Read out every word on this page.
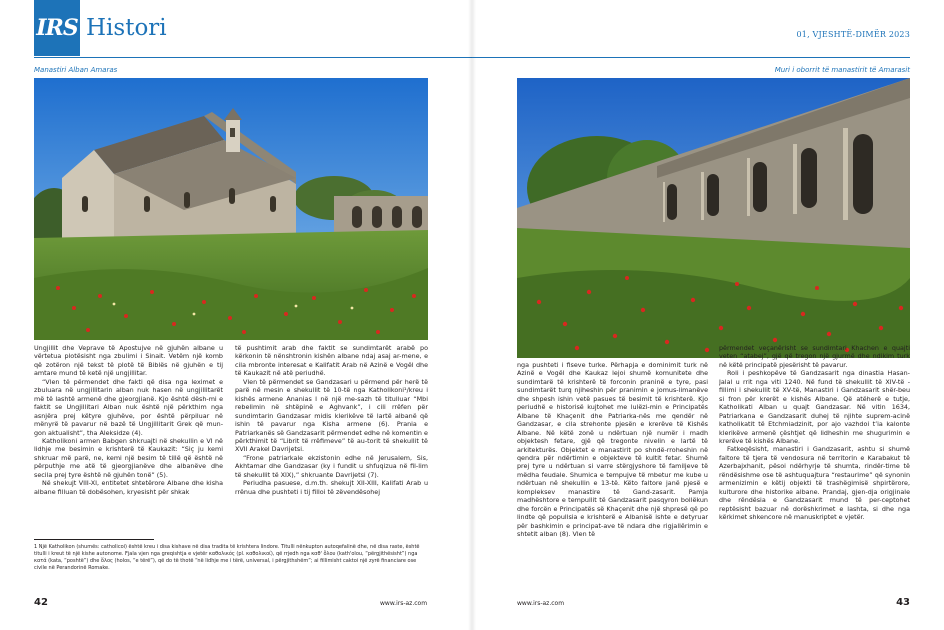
IRS Histori
Manastiri Alban Amaras

Ungjillit dhe Veprave të Apostujve në gjuhën albane u vërtetua plotësisht nga zbulimi i Sinait. Vetëm një komb që zotëron një tekst të plotë të Biblës në gjuhën e tij amtare mund të ketë një ungjillitar.

“Vlen të përmendet dhe fakti që disa nga leximet e zbuluara në ungjillitarin alban nuk hasen në ungjillitarët më të lashtë armenë dhe gjeorgjianë. Kjo është dësh-mi e faktit se Ungjillitari Alban nuk është një përkthim nga asnjëra prej këtyre gjuhëve, por është përpiluar në mënyrë të pavarur në bazë të Ungjillitarit Grek që mun-gon aktualisht”, tha Aleksidze (4).

Katholikoni armen Babgen shkruajti në shekullin e VI në lidhje me besimin e krishterë të Kaukazit: “Siç ju kemi shkruar më parë, ne, kemi një besim të tillë që është në përputhje me atë të gjeorgjianëve dhe albanëve dhe secila prej tyre është në gjuhën tonë” (5).

Në shekujt VIII-XI, entitetet shtetërore Albane dhe kisha albane filluan të dobësohen, kryesisht për shkak

të pushtimit arab dhe faktit se sundimtarët arabë po kërkonin të nënshtronin kishën albane ndaj asaj ar-mene, e cila mbronte interesat e Kalifatit Arab në Azinë e Vogël dhe të Kaukazit në atë periudhë.

Vlen të përmendet se Gandzasari u përmend për herë të parë në mesin e shekullit të 10-të nga Katholikoni¹/kreu i kishës armene Ananias I në një me-sazh të titulluar “Mbi rebelimin në shtëpinë e Aghvank”, i cili rrëfen për sundimtarin Gandzasar midis klerikëve të lartë albanë që ishin të pavarur nga Kisha armene (6). Prania e Patriarkanës së Gandzasarit përmendet edhe në komentin e përkthimit të “Librit të rrëfimeve” të au-torit të shekullit të XVII Arakel Davrijetsi.

“Frone patriarkale ekzistonin edhe në Jerusalem, Sis, Akhtamar dhe Gandzasar (ky i fundit u shfuqizua në fil-lim të shekullit të XIX),” shkruante Davrijetsi (7).

Periudha pasuese, d.m.th. shekujt XII-XIII, Kalifati Arab u rrënua dhe pushteti i tij filloi të zëvendësohej

1 Një Katholikon (shumës: catholicoi) është kreu i disa kishave në disa tradita të krishtera lindore. Titulli nënkupton autoqefalinë dhe, në disa raste, është titulli i kreut të një kishe autonome. Fjala vjen nga greqishtja e vjetër καθολικός (pl. καθολικοί), që rrjedh nga καθ' ὅλου (kath'olou, “përgjithësisht”) nga κατά (kata, “poshtë”) dhe ὅλος (holos, “e tërë”), që do të thotë “në lidhje me i tërë, universal, i përgjithshëm”; ai fillimisht caktoi një zyrë financiare ose civile në Perandorinë Romake.
42	www.irs-az.com
01, VJESHTË-DIMËR 2023
Muri i oborrit të manastirit të Amarasit

nga pushteti i fiseve turke. Përhapja e dominimit turk në Azinë e Vogël dhe Kaukaz lejoi shumë komunitete dhe sundimtarë të krishterë të forconin praninë e tyre, pasi sundimtarët turq njiheshin për pranimin e jomus-limanëve dhe shpesh ishin vetë pasues të besimit të krishterë. Kjo periudhë e historisë kujtohet me lulëzi-min e Principatës Albane të Khaçenit dhe Patriarka-nës me qendër në Gandzasar, e cila strehonte pjesën e krerëve të Kishës Albane. Në këtë zonë u ndërtuan një numër i madh objektesh fetare, gjë që tregonte nivelin e lartë të arkitekturës. Objektet e manastirit po shndë-rroheshin në qendra për ndërtimin e objekteve të kultit fetar. Shumë prej tyre u ndërtuan si varre stërgjyshore të familjeve të mëdha feudale. Shumica e tempujve të mbetur me kube u ndërtuan në shekullin e 13-të. Këto faltore janë pjesë e kompleksev manastire të Gand-zasarit. Pamja madhështore e tempullit të Gandzasarit pasqyron bollëkun dhe forcën e Principatës së Khaçenit dhe një shpresë që po lindte që popullsia e krishterë e Albanisë ishte e detyruar për bashkimin e principat-ave të ndara dhe rigjallërimin e shtetit alban (8). Vlen të

përmendet veçanërisht se sundimtari Khachen e quajti veten “atabej”, gjë që tregon një gjurmë dhe ndikim turk në këtë principatë pjesërisht të pavarur.

Roli i peshkopëve të Gandzasarit nga dinastia Hasan-Jalal u rrit nga viti 1240. Në fund të shekullit të XIV-të - fillimi i shekullit të XV-të, Manastiri i Gandzasarit shër-beu si fron për krerët e kishës Albane. Që atëherë e tutje, Katholikati Alban u quajt Gandzasar. Në vitin 1634, Patriarkana e Gandzasarit duhej të njihte suprem-acinë katholikatit të Etchmiadzinit, por ajo vazhdoi t’ia kalonte klerikëve armenë çështjet që lidheshin me shugurimin e krerëve të kishës Albane.

Fatkeqësisht, manastiri i Gandzasarit, ashtu si shumë faltore të tjera të vendosura në territorin e Karabakut të Azerbajxhanit, pësoi ndërhyrje të shumta, rindër-time të rëndësishme ose të ashtuquajtura “restaurime” që synonin armenizimin e këtij objekti të trashëgimisë shpirtërore, kulturore dhe historike albane. Prandaj, gjen-dja origjinale dhe rëndësia e Gandzasarit mund të per-ceptohet reptësisht bazuar në dorëshkrimet e lashta, si dhe nga kërkimet shkencore në manuskriptet e vjetër.

www.irs-az.com	43
